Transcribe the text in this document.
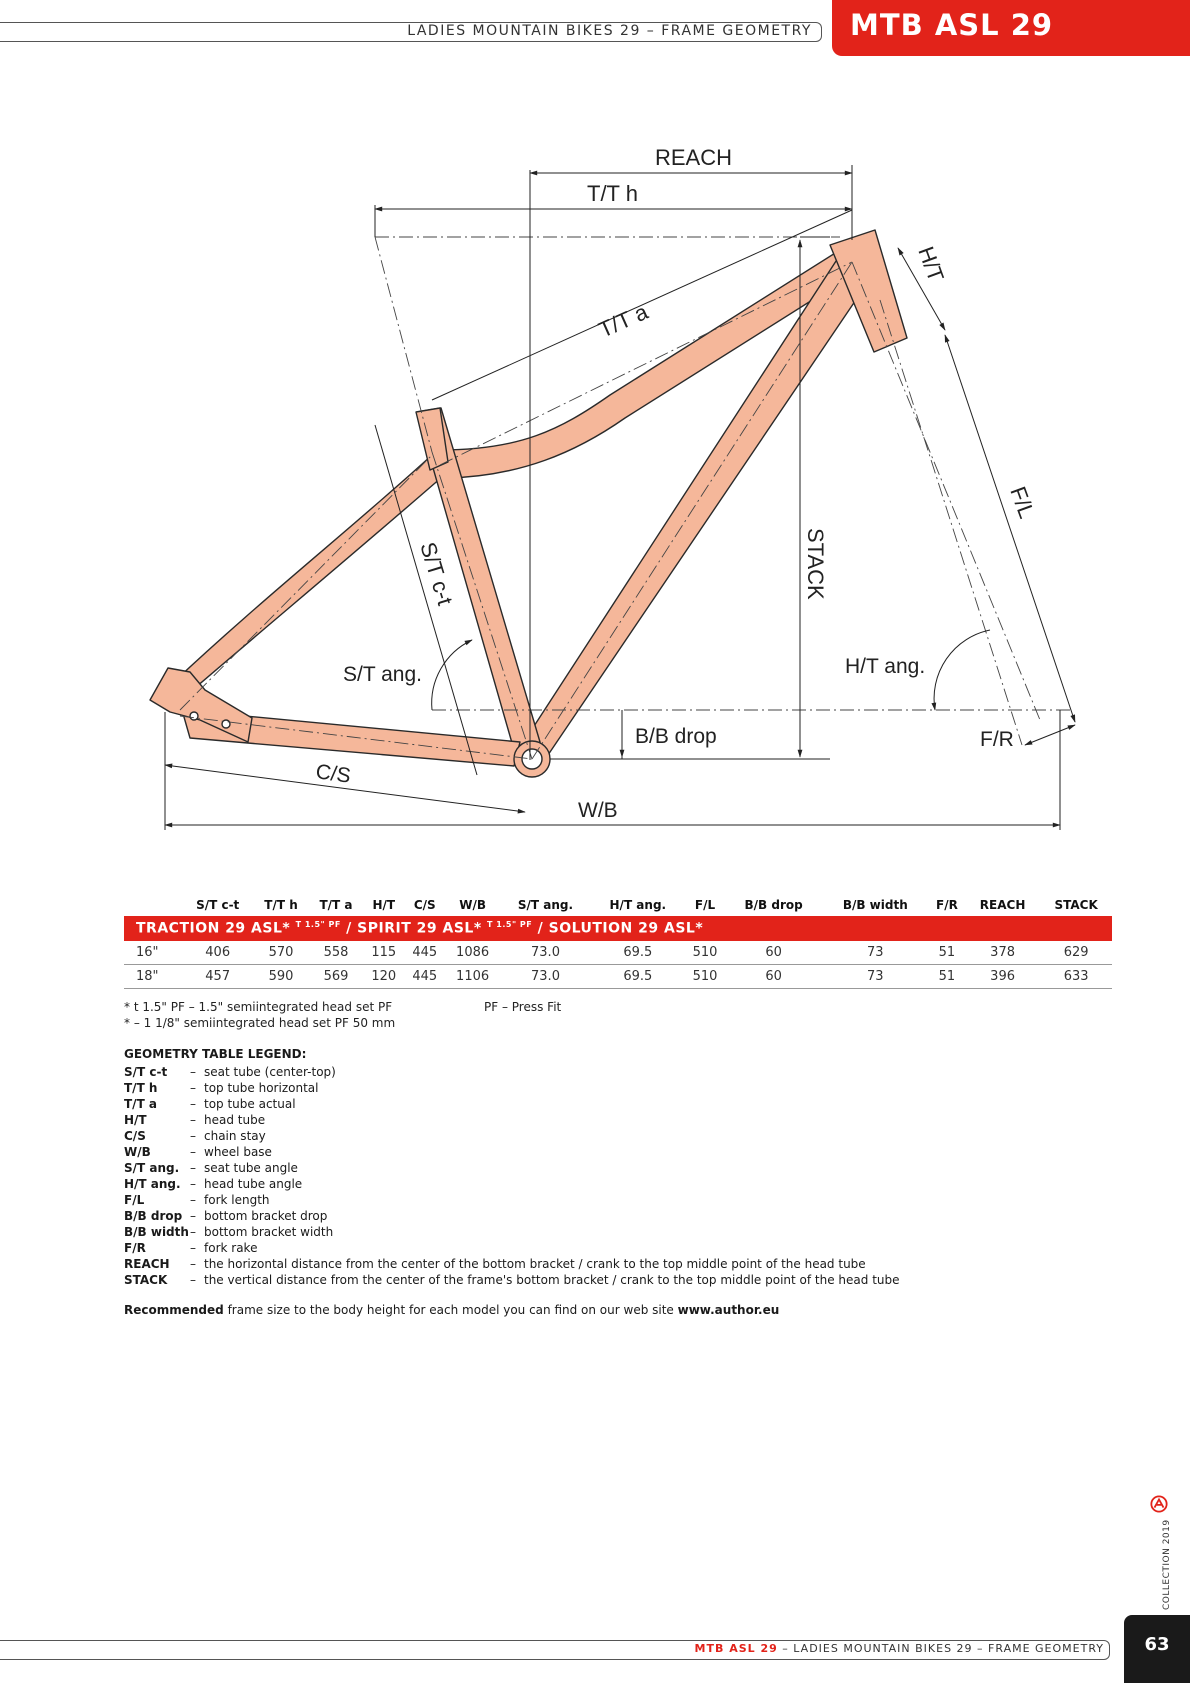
LADIES MOUNTAIN BIKES 29 – FRAME GEOMETRY MTB ASL 29
REACH
T/T h
T/T a
H/T
F/L
STACK
S/T c-t
S/T ang.	H/T ang.
B/B drop	F/R
C/S
W/B
	S/T c-t	T/T h	T/T a	H/T	C/S	W/B	S/T ang.	H/T ang.	F/L	B/B drop	B/B width	F/R	REACH	STACK
TRACTION 29 ASL* $^{T 1.5" PF}$ / SPIRIT 29 ASL* $^{T 1.5" PF}$ / SOLUTION 29 ASL*														
16"	406	570	558	115	445	1086	73.0	69.5	510	60	73	51	378	629
18"	457	590	569	120	445	1106	73.0	69.5	510	60	73	51	396	633
* t 1.5" PF – 1.5" semiintegrated head set PF
* – 1 1/8" semiintegrated head set PF 50 mm
PF – Press Fit
GEOMETRY TABLE LEGEND:
S/T c-t	– seat tube (center-top)
T/T h	– top tube horizontal
T/T a	– top tube actual
H/T	– head tube
C/S	– chain stay
W/B	– wheel base
S/T ang. – seat tube angle
H/T ang. – head tube angle
F/L	– fork length
B/B drop – bottom bracket drop
B/B width – bottom bracket width
F/R	– fork rake
REACH	– the horizontal distance from the center of the bottom bracket / crank to the top middle point of the head tube
STACK	– the vertical distance from the center of the frame's bottom bracket / crank to the top middle point of the head tube
Recommended frame size to the body height for each model you can find on our web site www.author.eu
COLLECTION 2019
MTB ASL 29 – LADIES MOUNTAIN BIKES 29 – FRAME GEOMETRY	63
